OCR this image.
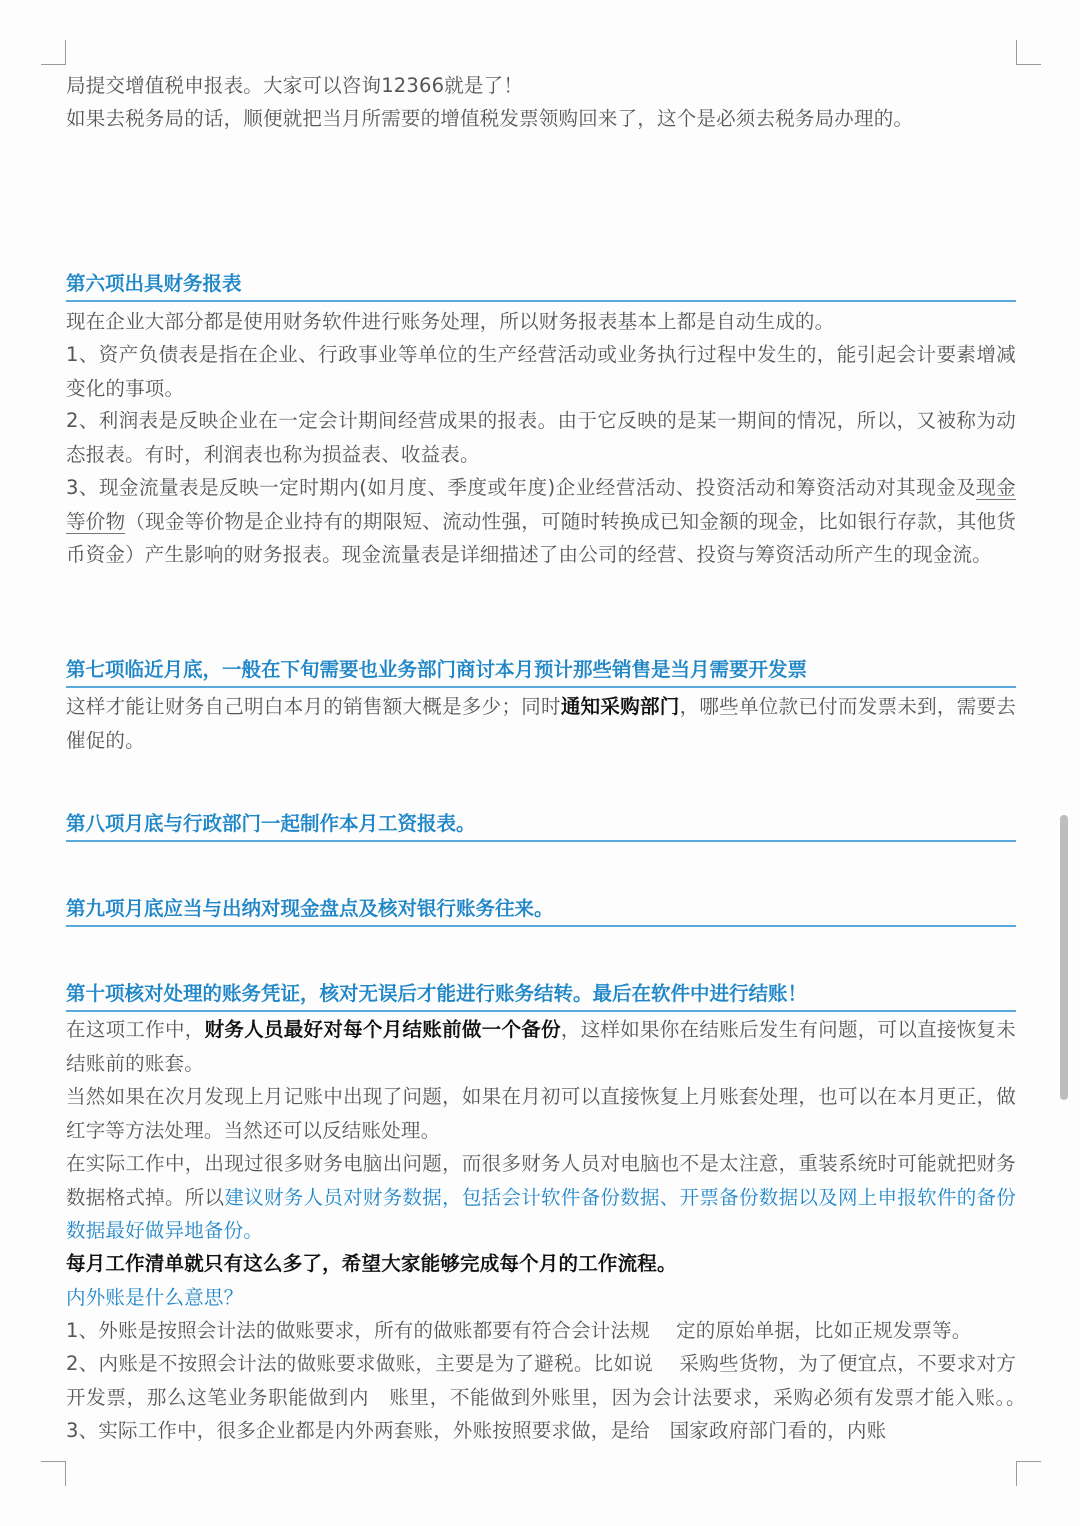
局提交增值税申报表。大家可以咨询12366就是了！

如果去税务局的话，顺便就把当月所需要的增值税发票领购回来了，这个是必须去税务局办理的。

第六项出具财务报表

现在企业大部分都是使用财务软件进行账务处理，所以财务报表基本上都是自动生成的。

1、资产负债表是指在企业、行政事业等单位的生产经营活动或业务执行过程中发生的，能引起会计要素增减变化的事项。

2、利润表是反映企业在一定会计期间经营成果的报表。由于它反映的是某一期间的情况，所以，又被称为动态报表。有时，利润表也称为损益表、收益表。

3、现金流量表是反映一定时期内(如月度、季度或年度)企业经营活动、投资活动和筹资活动对其现金及现金等价物（现金等价物是企业持有的期限短、流动性强，可随时转换成已知金额的现金，比如银行存款，其他货币资金）产生影响的财务报表。现金流量表是详细描述了由公司的经营、投资与筹资活动所产生的现金流。

第七项临近月底，一般在下旬需要也业务部门商讨本月预计那些销售是当月需要开发票

这样才能让财务自己明白本月的销售额大概是多少；同时通知采购部门，哪些单位款已付而发票未到，需要去催促的。

第八项月底与行政部门一起制作本月工资报表。
第九项月底应当与出纳对现金盘点及核对银行账务往来。
第十项核对处理的账务凭证，核对无误后才能进行账务结转。最后在软件中进行结账！

在这项工作中，财务人员最好对每个月结账前做一个备份，这样如果你在结账后发生有问题，可以直接恢复未结账前的账套。

当然如果在次月发现上月记账中出现了问题，如果在月初可以直接恢复上月账套处理，也可以在本月更正，做红字等方法处理。当然还可以反结账处理。

在实际工作中，出现过很多财务电脑出问题，而很多财务人员对电脑也不是太注意，重装系统时可能就把财务数据格式掉。所以建议财务人员对财务数据，包括会计软件备份数据、开票备份数据以及网上申报软件的备份数据最好做异地备份。

每月工作清单就只有这么多了，希望大家能够完成每个月的工作流程。

内外账是什么意思？

1、外账是按照会计法的做账要求，所有的做账都要有符合会计法规　 定的原始单据，比如正规发票等。

2、内账是不按照会计法的做账要求做账，主要是为了避税。比如说　 采购些货物，为了便宜点，不要求对方开发票，那么这笔业务职能做到内　账里，不能做到外账里，因为会计法要求，采购必须有发票才能入账。。　3、实际工作中，很多企业都是内外两套账，外账按照要求做，是给　国家政府部门看的，内账
